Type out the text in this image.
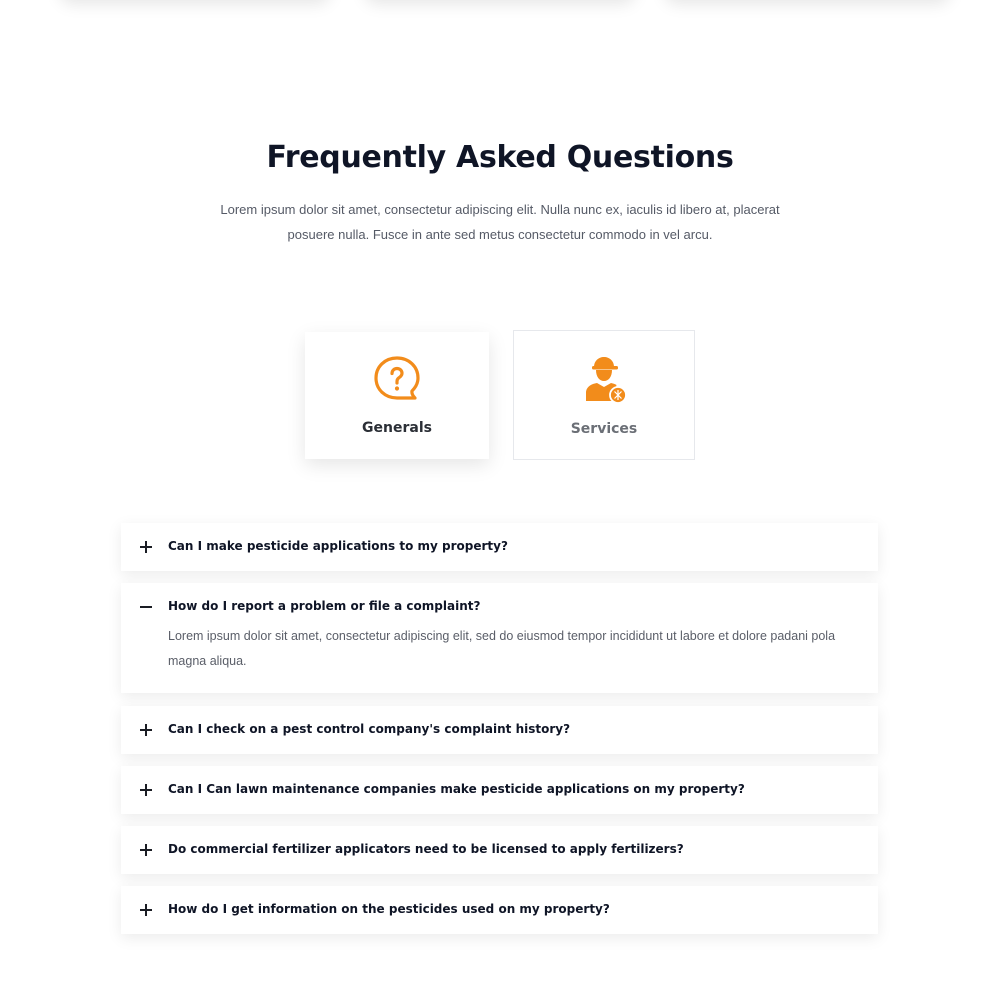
Frequently Asked Questions

Lorem ipsum dolor sit amet, consectetur adipiscing elit. Nulla nunc ex, iaculis id libero at, placerat posuere nulla. Fusce in ante sed metus consectetur commodo in vel arcu.

Generals	Services
Can I make pesticide applications to my property?
How do I report a problem or file a complaint?

Lorem ipsum dolor sit amet, consectetur adipiscing elit, sed do eiusmod tempor incididunt ut labore et dolore padani pola magna aliqua.

Can I check on a pest control company's complaint history?
Can I Can lawn maintenance companies make pesticide applications on my property?
Do commercial fertilizer applicators need to be licensed to apply fertilizers?
How do I get information on the pesticides used on my property?
